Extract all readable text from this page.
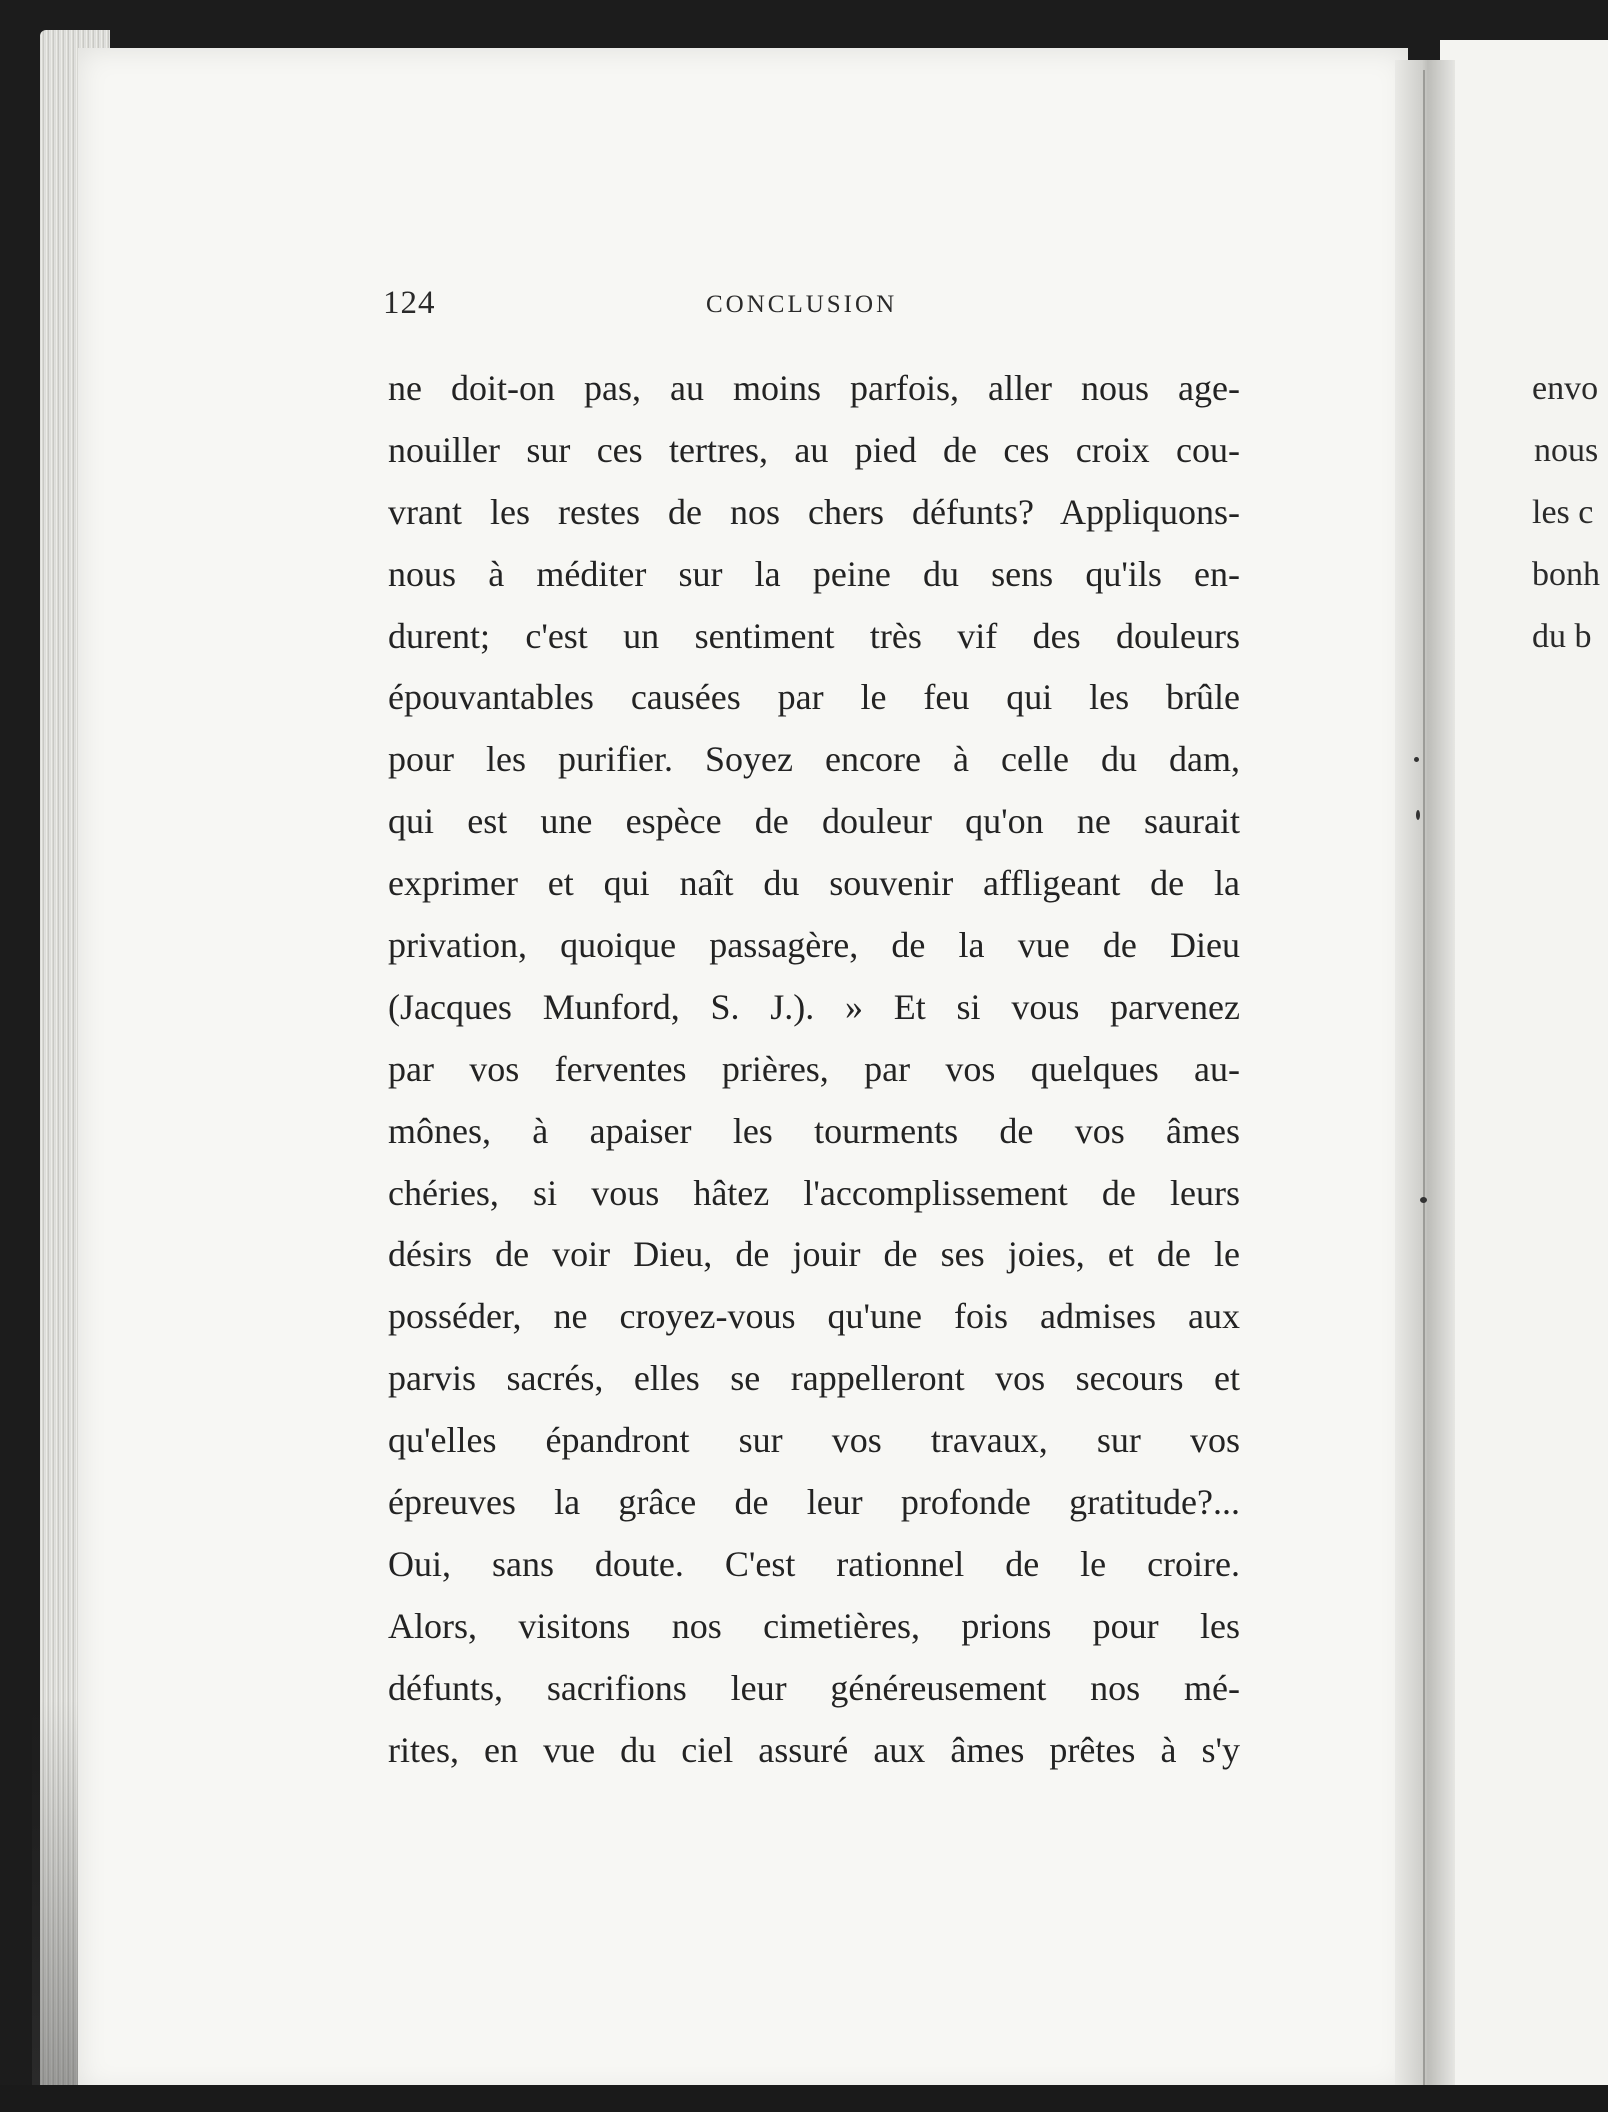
124	CONCLUSION
ne doit-on pas, au moins parfois, aller nous age-
nouiller sur ces tertres, au pied de ces croix cou-
vrant les restes de nos chers défunts? Appliquons-
nous à méditer sur la peine du sens qu'ils en-
durent; c'est un sentiment très vif des douleurs
épouvantables causées par le feu qui les brûle
pour les purifier. Soyez encore à celle du dam,
qui est une espèce de douleur qu'on ne saurait
exprimer et qui naît du souvenir affligeant de la
privation, quoique passagère, de la vue de Dieu
(Jacques Munford, S. J.). » Et si vous parvenez
par vos ferventes prières, par vos quelques au-
mônes, à apaiser les tourments de vos âmes
chéries, si vous hâtez l'accomplissement de leurs
désirs de voir Dieu, de jouir de ses joies, et de le
posséder, ne croyez-vous qu'une fois admises aux
parvis sacrés, elles se rappelleront vos secours et
qu'elles épandront sur vos travaux, sur vos
épreuves la grâce de leur profonde gratitude?...
Oui, sans doute. C'est rationnel de le croire.
Alors, visitons nos cimetières, prions pour les
défunts, sacrifions leur généreusement nos mé-
rites, en vue du ciel assuré aux âmes prêtes à s'y
envo
nous
les c
bonh
du b
